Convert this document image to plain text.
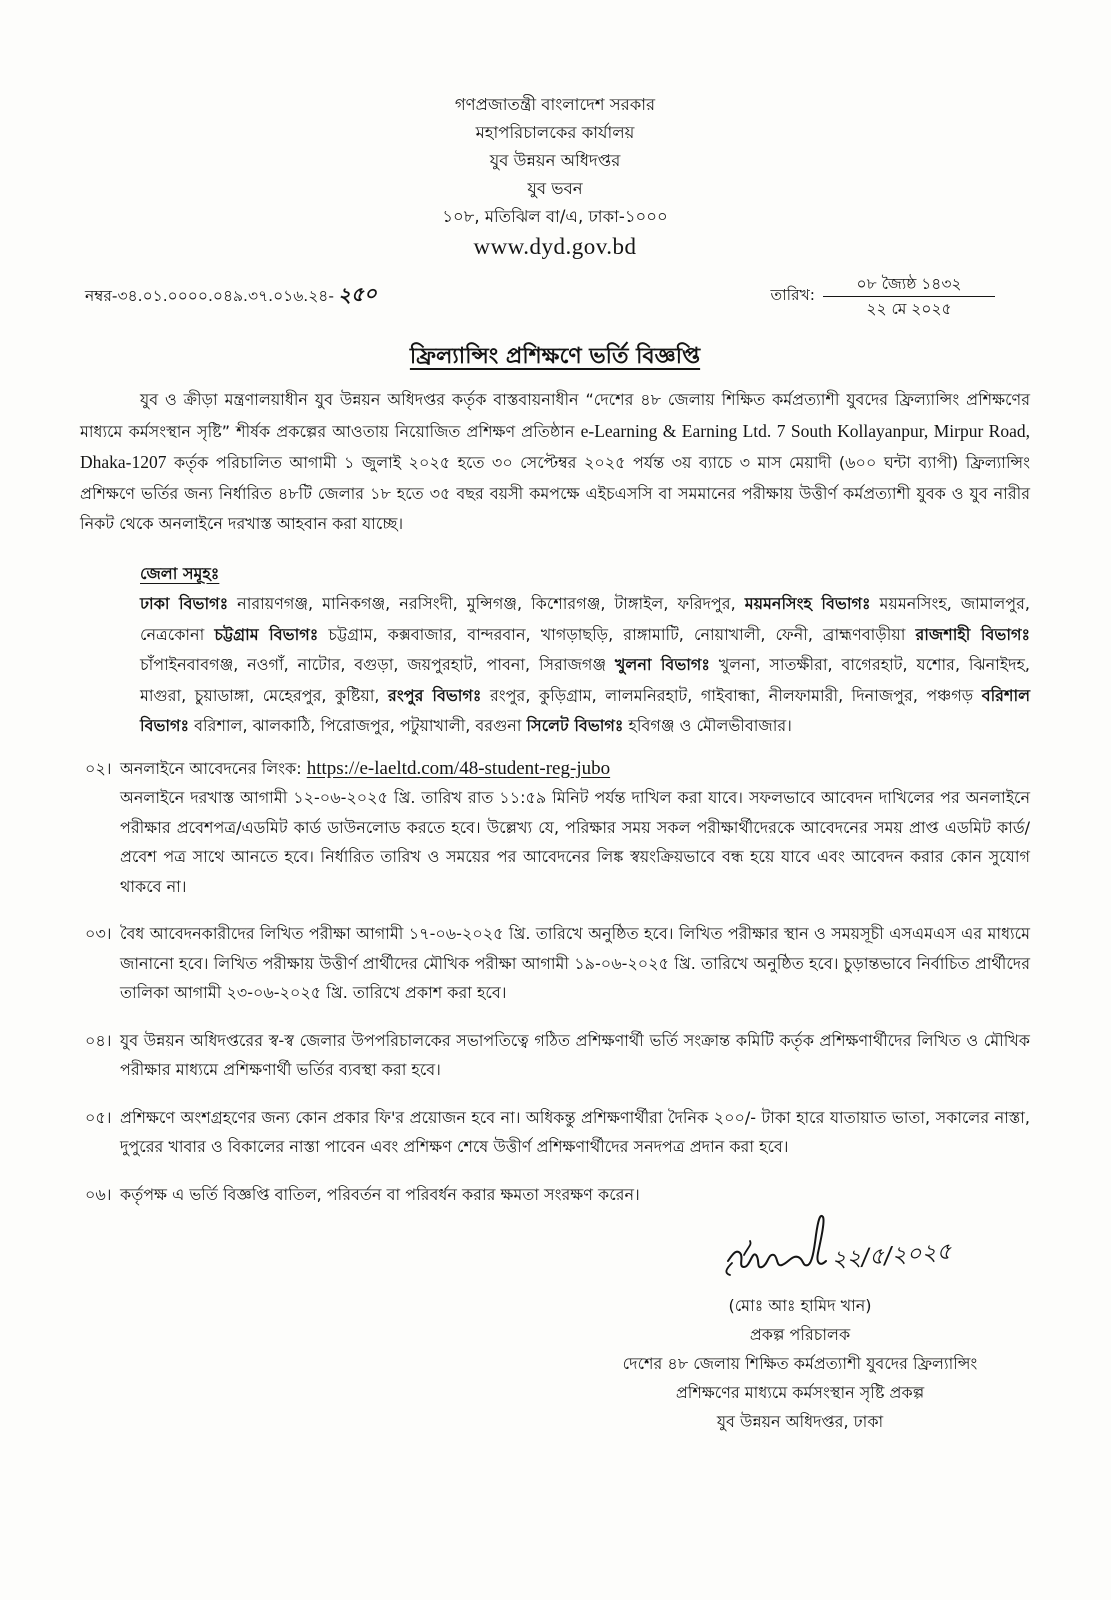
গণপ্রজাতন্ত্রী বাংলাদেশ সরকার
মহাপরিচালকের কার্যালয়
যুব উন্নয়ন অধিদপ্তর
যুব ভবন
১০৮, মতিঝিল বা/এ, ঢাকা-১০০০
www.dyd.gov.bd
নম্বর-৩৪.০১.০০০০.০৪৯.৩৭.০১৬.২৪- ২৫০	তারিখ:
০৮ জ্যৈষ্ঠ ১৪৩২
২২ মে ২০২৫
ফ্রিল্যান্সিং প্রশিক্ষণে ভর্তি বিজ্ঞপ্তি

যুব ও ক্রীড়া মন্ত্রণালয়াধীন যুব উন্নয়ন অধিদপ্তর কর্তৃক বাস্তবায়নাধীন “দেশের ৪৮ জেলায় শিক্ষিত কর্মপ্রত্যাশী যুবদের ফ্রিল্যান্সিং প্রশিক্ষণের মাধ্যমে কর্মসংস্থান সৃষ্টি” শীর্ষক প্রকল্পের আওতায় নিয়োজিত প্রশিক্ষণ প্রতিষ্ঠান e-Learning & Earning Ltd. 7 South Kollayanpur, Mirpur Road, Dhaka-1207 কর্তৃক পরিচালিত আগামী ১ জুলাই ২০২৫ হতে ৩০ সেপ্টেম্বর ২০২৫ পর্যন্ত ৩য় ব্যাচে ৩ মাস মেয়াদী (৬০০ ঘন্টা ব্যাপী) ফ্রিল্যান্সিং প্রশিক্ষণে ভর্তির জন্য নির্ধারিত ৪৮টি জেলার ১৮ হতে ৩৫ বছর বয়সী কমপক্ষে এইচএসসি বা সমমানের পরীক্ষায় উত্তীর্ণ কর্মপ্রত্যাশী যুবক ও যুব নারীর নিকট থেকে অনলাইনে দরখাস্ত আহবান করা যাচ্ছে।

জেলা সমূহঃ
ঢাকা বিভাগঃ নারায়ণগঞ্জ, মানিকগঞ্জ, নরসিংদী, মুন্সিগঞ্জ, কিশোরগঞ্জ, টাঙ্গাইল, ফরিদপুর, ময়মনসিংহ বিভাগঃ ময়মনসিংহ, জামালপুর, নেত্রকোনা চট্টগ্রাম বিভাগঃ চট্টগ্রাম, কক্সবাজার, বান্দরবান, খাগড়াছড়ি, রাঙ্গামাটি, নোয়াখালী, ফেনী, ব্রাহ্মণবাড়ীয়া রাজশাহী বিভাগঃ চাঁপাইনবাবগঞ্জ, নওগাঁ, নাটোর, বগুড়া, জয়পুরহাট, পাবনা, সিরাজগঞ্জ খুলনা বিভাগঃ খুলনা, সাতক্ষীরা, বাগেরহাট, যশোর, ঝিনাইদহ, মাগুরা, চুয়াডাঙ্গা, মেহেরপুর, কুষ্টিয়া, রংপুর বিভাগঃ রংপুর, কুড়িগ্রাম, লালমনিরহাট, গাইবান্ধা, নীলফামারী, দিনাজপুর, পঞ্চগড় বরিশাল বিভাগঃ বরিশাল, ঝালকাঠি, পিরোজপুর, পটুয়াখালী, বরগুনা সিলেট বিভাগঃ হবিগঞ্জ ও মৌলভীবাজার।
০২। অনলাইনে আবেদনের লিংক: https://e-laeltd.com/48-student-reg-jubo
অনলাইনে দরখাস্ত আগামী ১২-০৬-২০২৫ খ্রি. তারিখ রাত ১১:৫৯ মিনিট পর্যন্ত দাখিল করা যাবে। সফলভাবে আবেদন দাখিলের পর অনলাইনে পরীক্ষার প্রবেশপত্র/এডমিট কার্ড ডাউনলোড করতে হবে। উল্লেখ্য যে, পরিক্ষার সময় সকল পরীক্ষার্থীদেরকে আবেদনের সময় প্রাপ্ত এডমিট কার্ড/প্রবেশ পত্র সাথে আনতে হবে। নির্ধারিত তারিখ ও সময়ের পর আবেদনের লিঙ্ক স্বয়ংক্রিয়ভাবে বন্ধ হয়ে যাবে এবং আবেদন করার কোন সুযোগ থাকবে না।
০৩। বৈধ আবেদনকারীদের লিখিত পরীক্ষা আগামী ১৭-০৬-২০২৫ খ্রি. তারিখে অনুষ্ঠিত হবে। লিখিত পরীক্ষার স্থান ও সময়সূচী এসএমএস এর মাধ্যমে জানানো হবে। লিখিত পরীক্ষায় উত্তীর্ণ প্রার্থীদের মৌখিক পরীক্ষা আগামী ১৯-০৬-২০২৫ খ্রি. তারিখে অনুষ্ঠিত হবে। চুড়ান্তভাবে নির্বাচিত প্রার্থীদের তালিকা আগামী ২৩-০৬-২০২৫ খ্রি. তারিখে প্রকাশ করা হবে।
০৪। যুব উন্নয়ন অধিদপ্তরের স্ব-স্ব জেলার উপপরিচালকের সভাপতিত্বে গঠিত প্রশিক্ষণার্থী ভর্তি সংক্রান্ত কমিটি কর্তৃক প্রশিক্ষণার্থীদের লিখিত ও মৌখিক পরীক্ষার মাধ্যমে প্রশিক্ষণার্থী ভর্তির ব্যবস্থা করা হবে।
০৫। প্রশিক্ষণে অংশগ্রহণের জন্য কোন প্রকার ফি'র প্রয়োজন হবে না। অধিকন্তু প্রশিক্ষণার্থীরা দৈনিক ২০০/- টাকা হারে যাতায়াত ভাতা, সকালের নাস্তা, দুপুরের খাবার ও বিকালের নাস্তা পাবেন এবং প্রশিক্ষণ শেষে উত্তীর্ণ প্রশিক্ষণার্থীদের সনদপত্র প্রদান করা হবে।
০৬। কর্তৃপক্ষ এ ভর্তি বিজ্ঞপ্তি বাতিল, পরিবর্তন বা পরিবর্ধন করার ক্ষমতা সংরক্ষণ করেন।
২২/৫/২০২৫
(মোঃ আঃ হামিদ খান)
প্রকল্প পরিচালক
দেশের ৪৮ জেলায় শিক্ষিত কর্মপ্রত্যাশী যুবদের ফ্রিল্যান্সিং
প্রশিক্ষণের মাধ্যমে কর্মসংস্থান সৃষ্টি প্রকল্প
যুব উন্নয়ন অধিদপ্তর, ঢাকা
